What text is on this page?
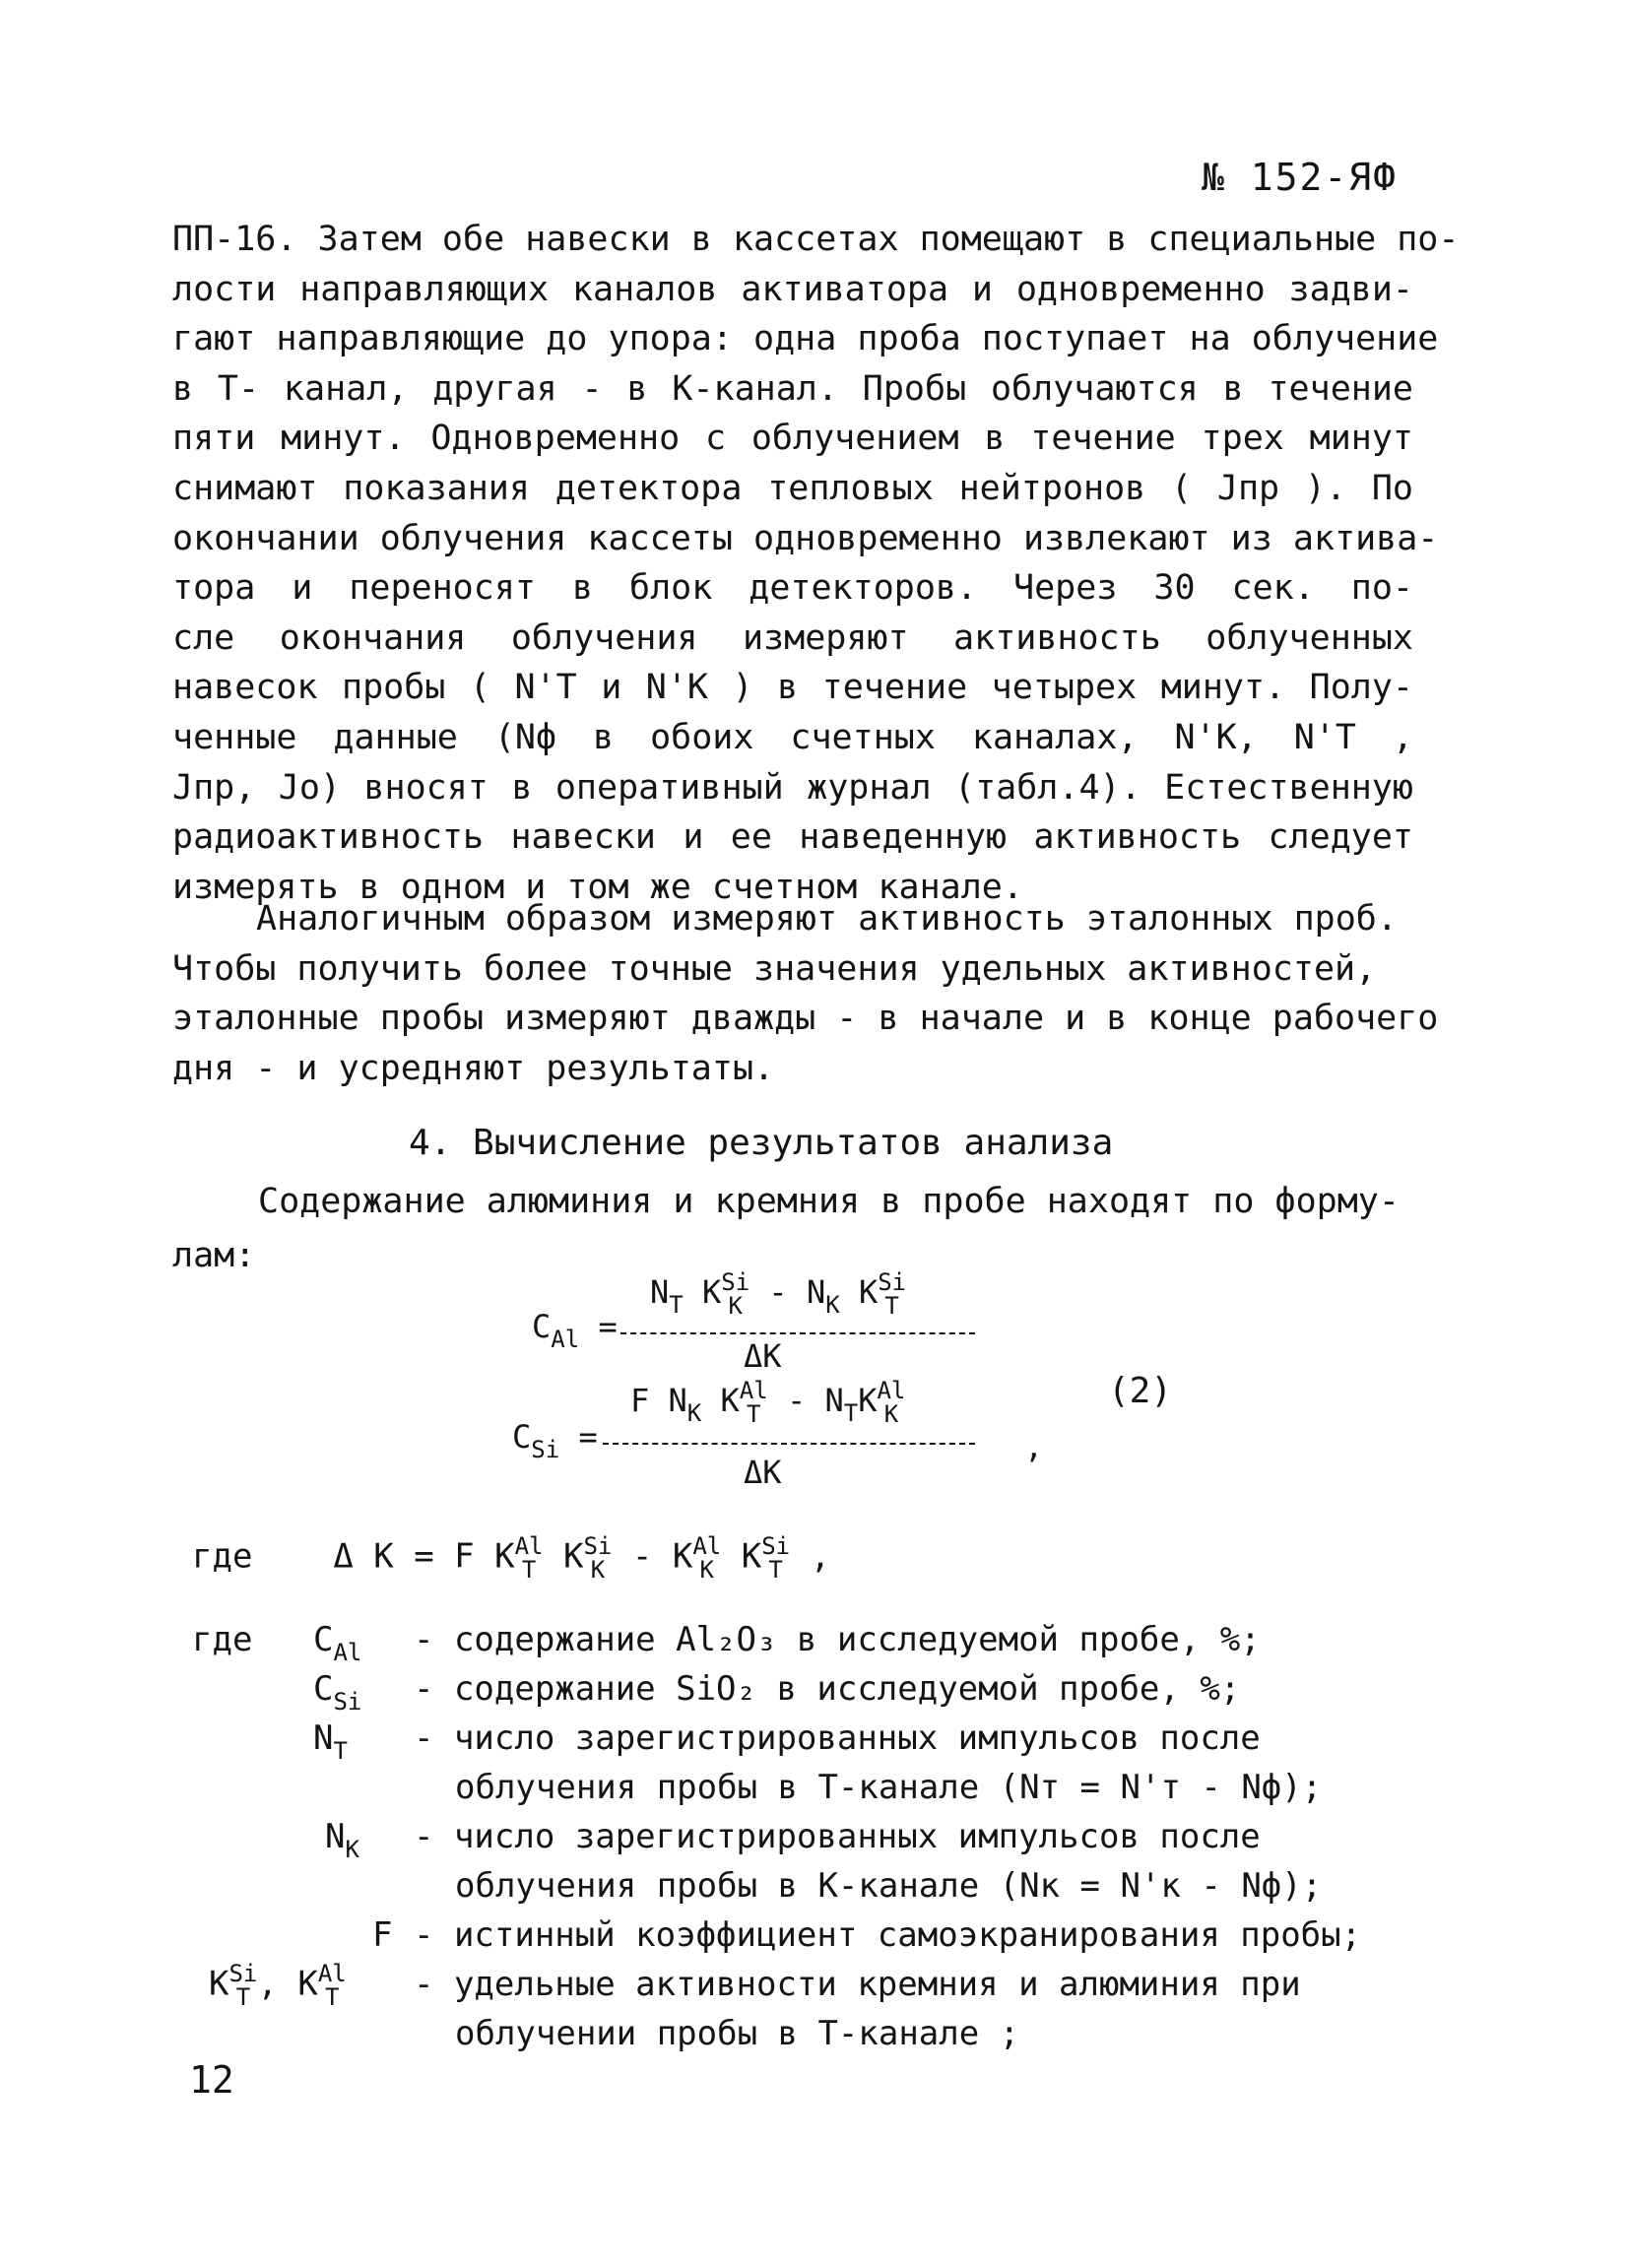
№ 152-ЯФ
ПП-16. Затем обе навески в кассетах помещают в специальные по-
лости направляющих каналов активатора и одновременно задви-
гают направляющие до упора: одна проба поступает на облучение
в Т- канал, другая - в К-канал. Пробы облучаются в течение
пяти минут. Одновременно с облучением в течение трех минут
снимают показания детектора тепловых нейтронов ( Jпр ). По
окончании облучения кассеты одновременно извлекают из актива-
тора и переносят в блок детекторов. Через 30 сек. по-
сле окончания облучения измеряют активность облученных
навесок пробы ( N'Т и N'К ) в течение четырех минут. Полу-
ченные данные (Nф в обоих счетных каналах, N'К, N'Т ,
Jпр, Jо) вносят в оперативный журнал (табл.4). Естественную
радиоактивность навески и ее наведенную активность следует
измерять в одном и том же счетном канале.
Аналогичным образом измеряют активность эталонных проб.
Чтобы получить более точные значения удельных активностей,
эталонные пробы измеряют дважды - в начале и в конце рабочего
дня - и усредняют результаты.
4. Вычисление результатов анализа
Содержание алюминия и кремния в пробе находят по форму-
лам:
$N_T$ K Si
K - $N_K$ K Si
T
$C_{Al}$ =
ΔK
F $N_K$ K Al
T - $N_TK$ Al
K
$C_{Si}$ =	,
ΔK
(2)
где Δ K = F K Al
T K Si
K - K Al
K K Si
T ,
где $C_{Al}$ - содержание Al₂O₃ в исследуемой пробе, %;
$C_{Si}$ - содержание SiO₂ в исследуемой пробе, %;
$N_T$ - число зарегистрированных импульсов после
облучения пробы в Т-канале (Nт = N'т - Nф);
$N_K$ - число зарегистрированных импульсов после
облучения пробы в К-канале (Nк = N'к - Nф);
F - истинный коэффициент самоэкранирования пробы;
K Si
T , K Al
T - удельные активности кремния и алюминия при
облучении пробы в Т-канале ;
12
